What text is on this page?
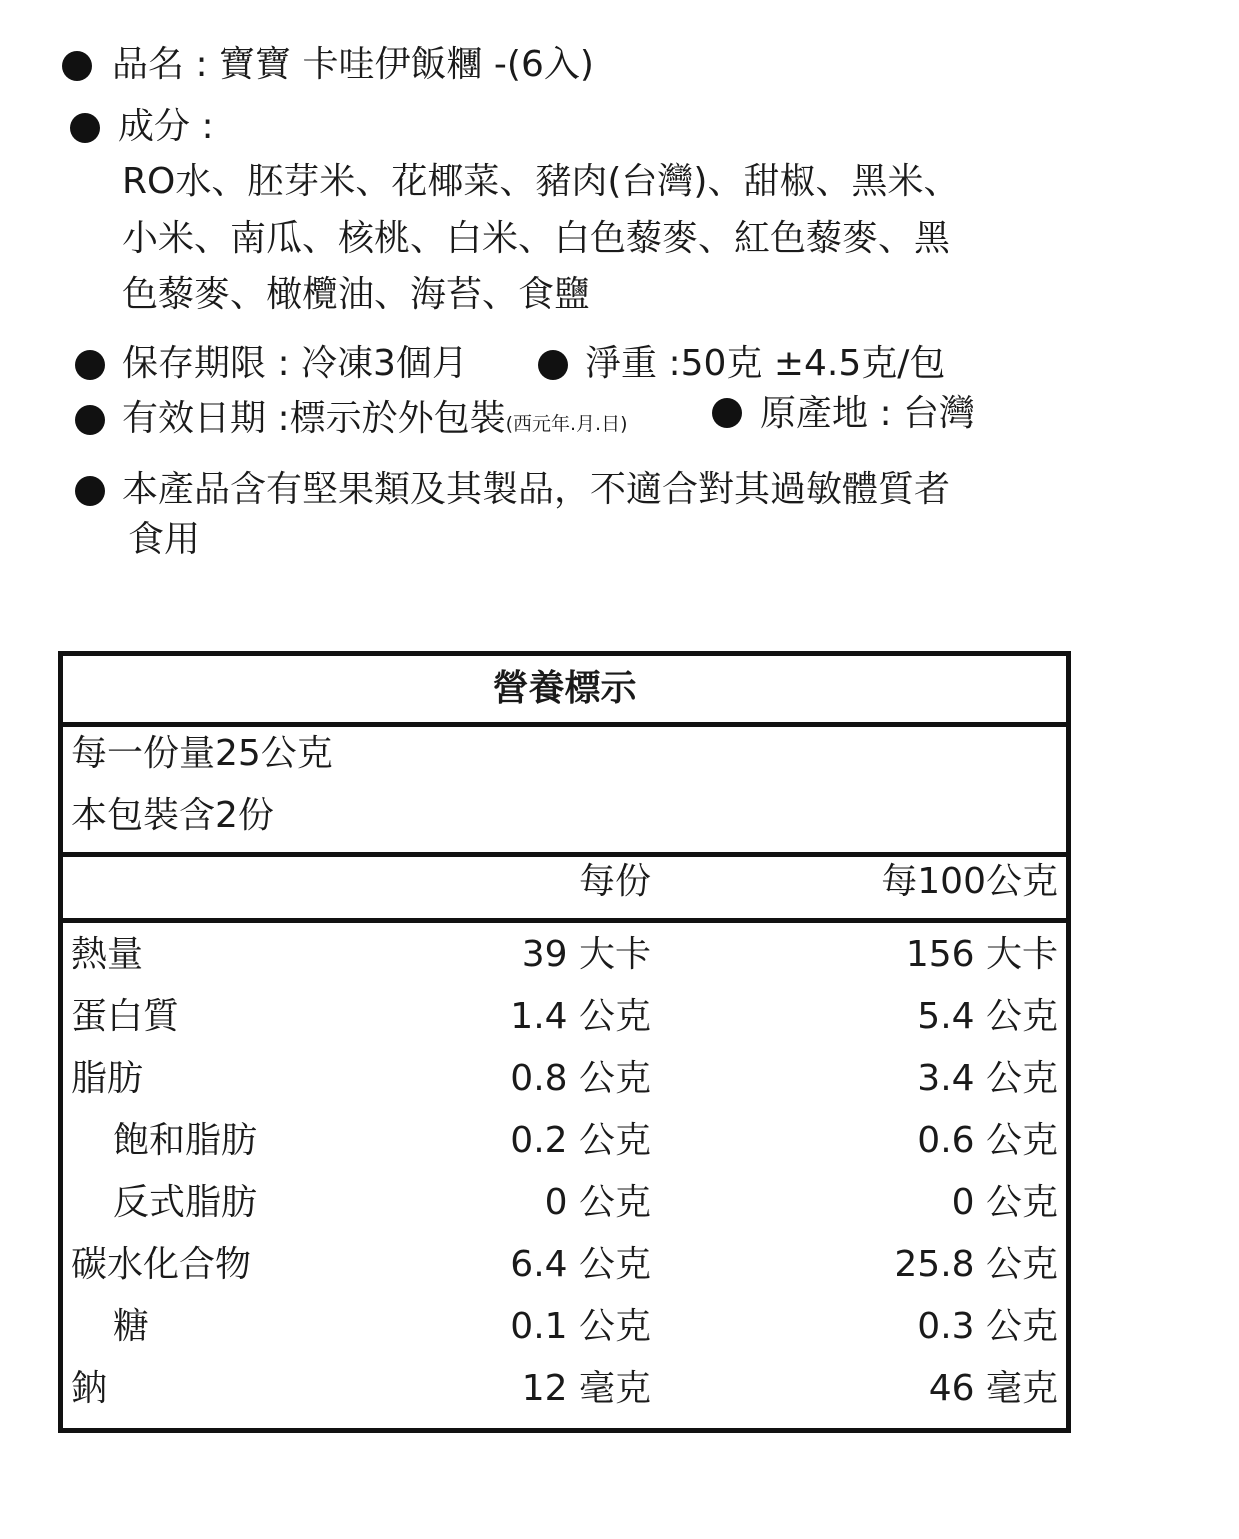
品名 : 寶寶 卡哇伊飯糰 -(6入)
成分 :
RO水、胚芽米、花椰菜、豬肉(台灣)、甜椒、黑米、
小米、南瓜、核桃、白米、白色藜麥、紅色藜麥、黑
色藜麥、橄欖油、海苔、食鹽
保存期限 : 冷凍3個月	淨重 :50克 ±4.5克/包
有效日期 :標示於外包裝(西元年.月.日)	原產地 : 台灣
本產品含有堅果類及其製品，不適合對其過敏體質者
食用
營養標示
每一份量25公克
本包裝含2份
每份	每100公克
熱量	39 大卡	156 大卡
蛋白質	1.4 公克	5.4 公克
脂肪	0.8 公克	3.4 公克
飽和脂肪	0.2 公克	0.6 公克
反式脂肪	0 公克	0 公克
碳水化合物	6.4 公克	25.8 公克
糖	0.1 公克	0.3 公克
鈉	12 毫克	46 毫克
